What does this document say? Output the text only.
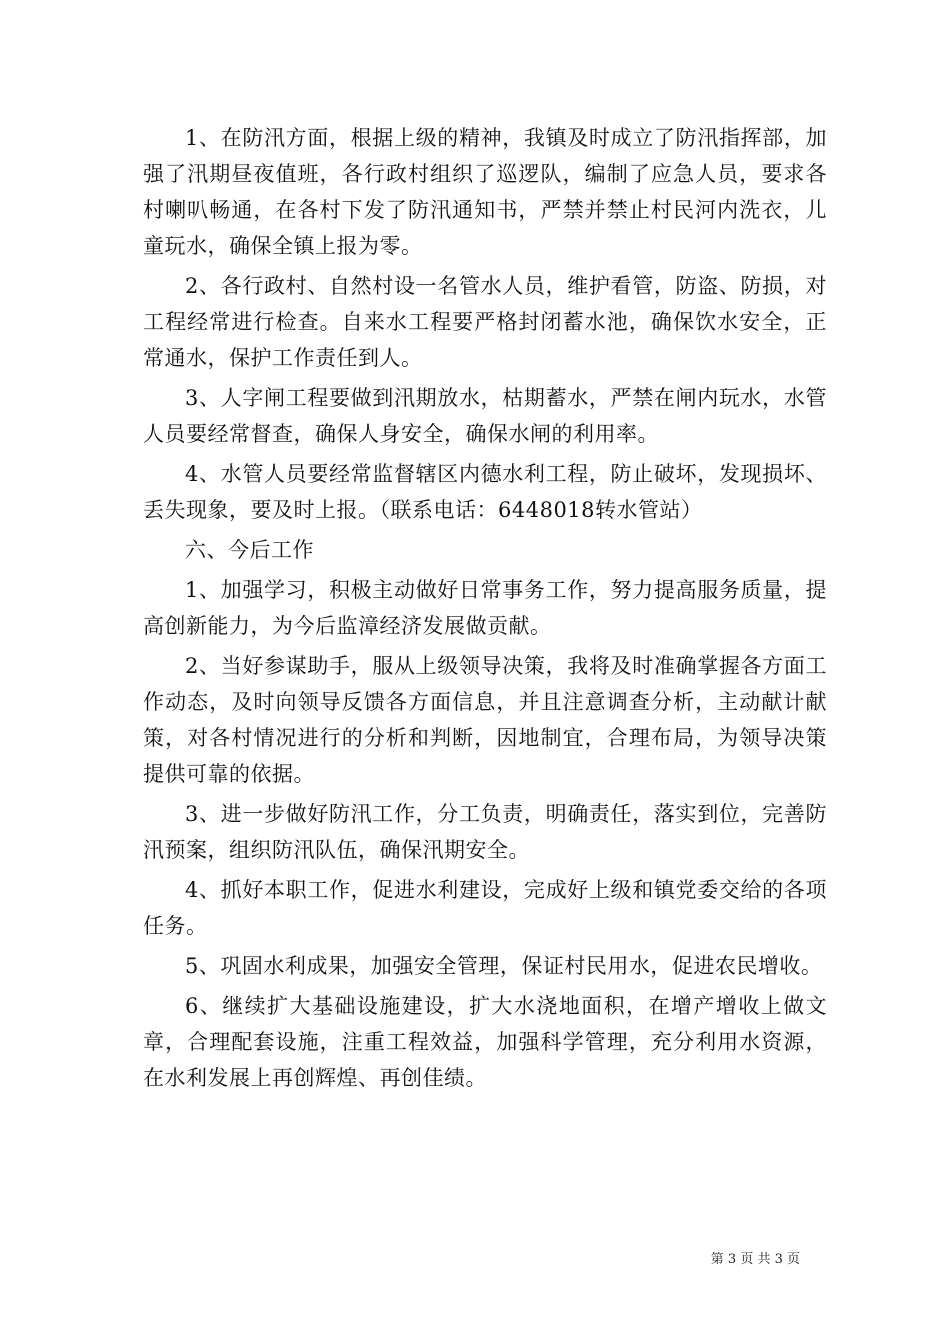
1、在防汛方面，根据上级的精神，我镇及时成立了防汛指挥部，加强了汛期昼夜值班，各行政村组织了巡逻队，编制了应急人员，要求各村喇叭畅通，在各村下发了防汛通知书，严禁并禁止村民河内洗衣，儿童玩水，确保全镇上报为零。

2、各行政村、自然村设一名管水人员，维护看管，防盗、防损，对工程经常进行检查。自来水工程要严格封闭蓄水池，确保饮水安全，正常通水，保护工作责任到人。

3、人字闸工程要做到汛期放水，枯期蓄水，严禁在闸内玩水，水管人员要经常督查，确保人身安全，确保水闸的利用率。

4、水管人员要经常监督辖区内德水利工程，防止破坏，发现损坏、丢失现象，要及时上报。（联系电话：6448018转水管站）

六、今后工作

1、加强学习，积极主动做好日常事务工作，努力提高服务质量，提高创新能力，为今后监漳经济发展做贡献。

2、当好参谋助手，服从上级领导决策，我将及时准确掌握各方面工作动态，及时向领导反馈各方面信息，并且注意调查分析，主动献计献策，对各村情况进行的分析和判断，因地制宜，合理布局，为领导决策提供可靠的依据。

3、进一步做好防汛工作，分工负责，明确责任，落实到位，完善防汛预案，组织防汛队伍，确保汛期安全。

4、抓好本职工作，促进水利建设，完成好上级和镇党委交给的各项任务。

5、巩固水利成果，加强安全管理，保证村民用水，促进农民增收。

6、继续扩大基础设施建设，扩大水浇地面积，在增产增收上做文章，合理配套设施，注重工程效益，加强科学管理，充分利用水资源，在水利发展上再创辉煌、再创佳绩。

第 3 页 共 3 页
